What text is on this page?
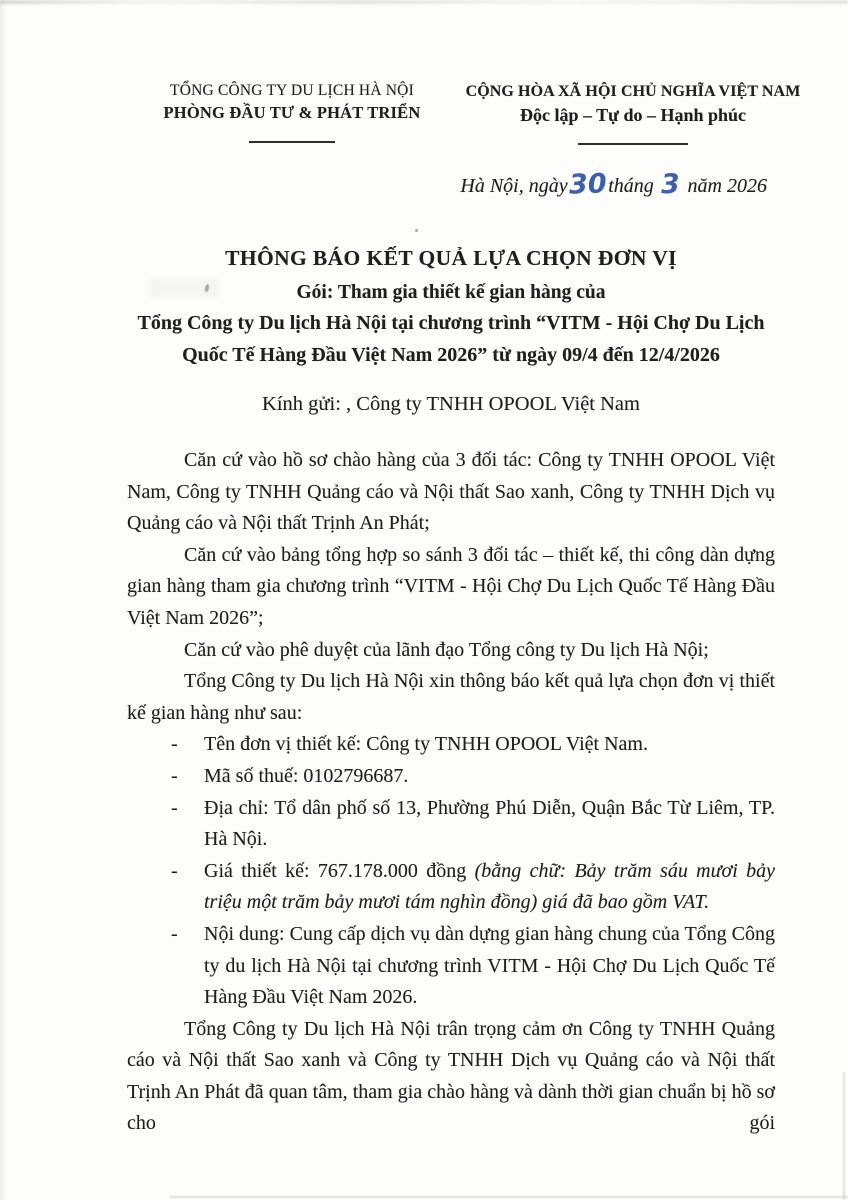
TỔNG CÔNG TY DU LỊCH HÀ NỘI
PHÒNG ĐẦU TƯ & PHÁT TRIỂN
CỘNG HÒA XÃ HỘI CHỦ NGHĨA VIỆT NAM
Độc lập – Tự do – Hạnh phúc
Hà Nội, ngày30tháng 3 năm 2026
THÔNG BÁO KẾT QUẢ LỰA CHỌN ĐƠN VỊ
Gói: Tham gia thiết kế gian hàng của
Tổng Công ty Du lịch Hà Nội tại chương trình “VITM - Hội Chợ Du Lịch
Quốc Tế Hàng Đầu Việt Nam 2026” từ ngày 09/4 đến 12/4/2026
Kính gửi: , Công ty TNHH OPOOL Việt Nam

Căn cứ vào hồ sơ chào hàng của 3 đối tác: Công ty TNHH OPOOL Việt Nam, Công ty TNHH Quảng cáo và Nội thất Sao xanh, Công ty TNHH Dịch vụ Quảng cáo và Nội thất Trịnh An Phát;

Căn cứ vào bảng tổng hợp so sánh 3 đối tác – thiết kế, thi công dàn dựng gian hàng tham gia chương trình “VITM - Hội Chợ Du Lịch Quốc Tế Hàng Đầu Việt Nam 2026”;

Căn cứ vào phê duyệt của lãnh đạo Tổng công ty Du lịch Hà Nội;

Tổng Công ty Du lịch Hà Nội xin thông báo kết quả lựa chọn đơn vị thiết kế gian hàng như sau:

-	Tên đơn vị thiết kế: Công ty TNHH OPOOL Việt Nam.
-	Mã số thuế: 0102796687.
-	Địa chỉ: Tổ dân phố số 13, Phường Phú Diễn, Quận Bắc Từ Liêm, TP. Hà Nội.
-	Giá thiết kế: 767.178.000 đồng (bằng chữ: Bảy trăm sáu mươi bảy triệu một trăm bảy mươi tám nghìn đồng) giá đã bao gồm VAT.
-	Nội dung: Cung cấp dịch vụ dàn dựng gian hàng chung của Tổng Công ty du lịch Hà Nội tại chương trình VITM - Hội Chợ Du Lịch Quốc Tế Hàng Đầu Việt Nam 2026.

Tổng Công ty Du lịch Hà Nội trân trọng cảm ơn Công ty TNHH Quảng cáo và Nội thất Sao xanh và Công ty TNHH Dịch vụ Quảng cáo và Nội thất Trịnh An Phát đã quan tâm, tham gia chào hàng và dành thời gian chuẩn bị hồ sơ cho gói
